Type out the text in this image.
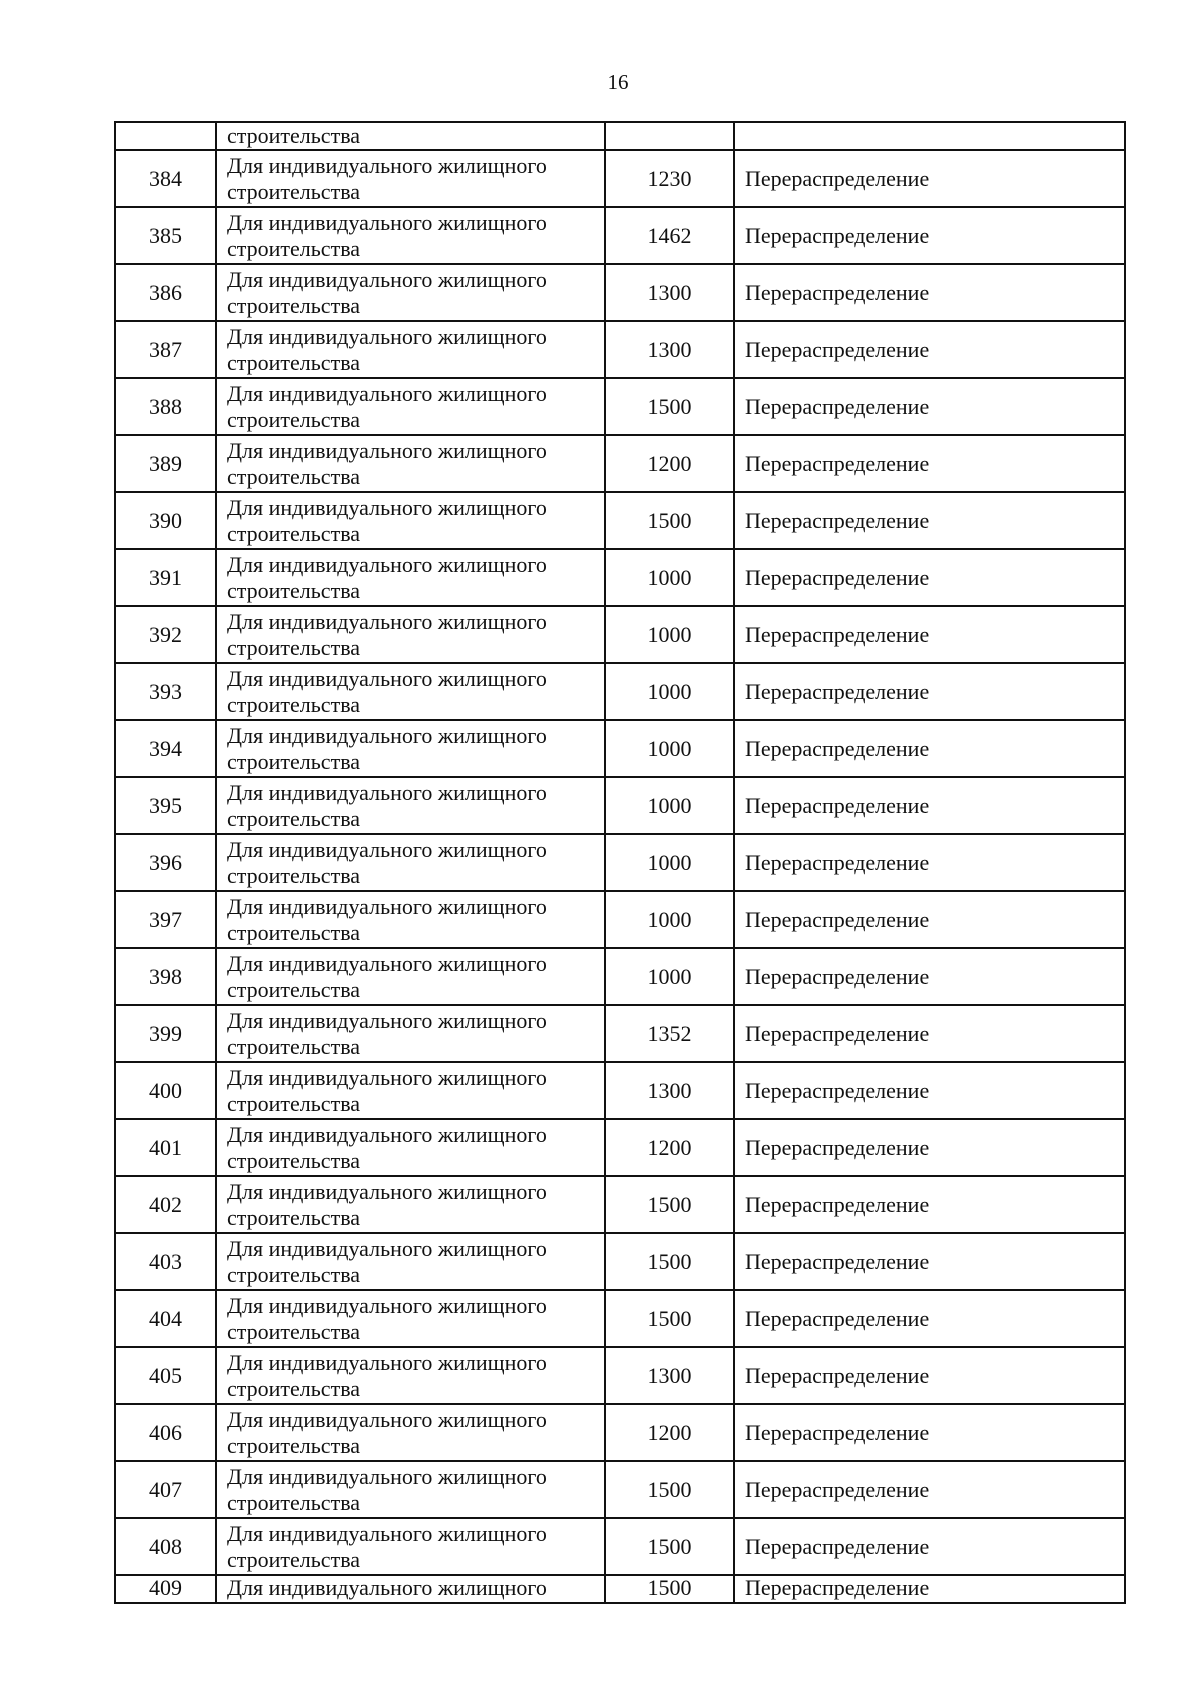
16
	строительства		
384	Для индивидуального жилищного строительства	1230	Перераспределение
385	Для индивидуального жилищного строительства	1462	Перераспределение
386	Для индивидуального жилищного строительства	1300	Перераспределение
387	Для индивидуального жилищного строительства	1300	Перераспределение
388	Для индивидуального жилищного строительства	1500	Перераспределение
389	Для индивидуального жилищного строительства	1200	Перераспределение
390	Для индивидуального жилищного строительства	1500	Перераспределение
391	Для индивидуального жилищного строительства	1000	Перераспределение
392	Для индивидуального жилищного строительства	1000	Перераспределение
393	Для индивидуального жилищного строительства	1000	Перераспределение
394	Для индивидуального жилищного строительства	1000	Перераспределение
395	Для индивидуального жилищного строительства	1000	Перераспределение
396	Для индивидуального жилищного строительства	1000	Перераспределение
397	Для индивидуального жилищного строительства	1000	Перераспределение
398	Для индивидуального жилищного строительства	1000	Перераспределение
399	Для индивидуального жилищного строительства	1352	Перераспределение
400	Для индивидуального жилищного строительства	1300	Перераспределение
401	Для индивидуального жилищного строительства	1200	Перераспределение
402	Для индивидуального жилищного строительства	1500	Перераспределение
403	Для индивидуального жилищного строительства	1500	Перераспределение
404	Для индивидуального жилищного строительства	1500	Перераспределение
405	Для индивидуального жилищного строительства	1300	Перераспределение
406	Для индивидуального жилищного строительства	1200	Перераспределение
407	Для индивидуального жилищного строительства	1500	Перераспределение
408	Для индивидуального жилищного строительства	1500	Перераспределение
409	Для индивидуального жилищного	1500	Перераспределение
